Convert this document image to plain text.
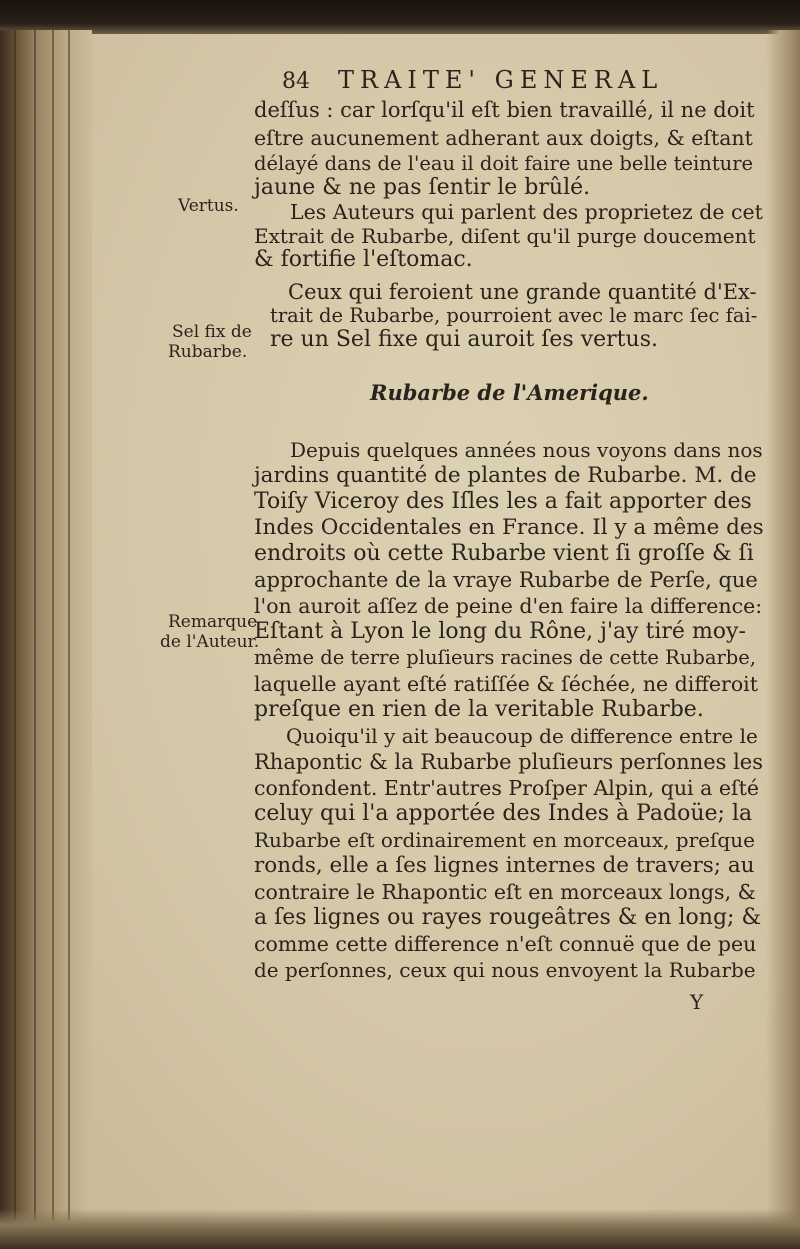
84 TRAITE' GENERAL
Vertus.
Sel fix de
Rubarbe.
Remarque
de l'Auteur.
Rubarbe de l'Amerique.
deſſus : car lorſqu'il eſt bien travaillé, il ne doit
eſtre aucunement adherant aux doigts, & eſtant
délayé dans de l'eau il doit faire une belle teinture
jaune & ne pas ſentir le brûlé.
Les Auteurs qui parlent des proprietez de cet
Extrait de Rubarbe, diſent qu'il purge doucement
& fortifie l'eſtomac.
Ceux qui feroient une grande quantité d'Ex-
trait de Rubarbe, pourroient avec le marc ſec fai-
re un Sel fixe qui auroit ſes vertus.
Depuis quelques années nous voyons dans nos
jardins quantité de plantes de Rubarbe. M. de
Toiſy Viceroy des Iſles les a fait apporter des
Indes Occidentales en France. Il y a même des
endroits où cette Rubarbe vient ſi groſſe & ſi
approchante de la vraye Rubarbe de Perſe, que
l'on auroit aſſez de peine d'en faire la difference:
Eſtant à Lyon le long du Rône, j'ay tiré moy-
même de terre pluſieurs racines de cette Rubarbe,
laquelle ayant eſté ratiſſée & ſéchée, ne differoit
preſque en rien de la veritable Rubarbe.
Quoiqu'il y ait beaucoup de difference entre le
Rhapontic & la Rubarbe pluſieurs perſonnes les
confondent. Entr'autres Proſper Alpin, qui a eſté
celuy qui l'a apportée des Indes à Padoüe; la
Rubarbe eſt ordinairement en morceaux, preſque
ronds, elle a ſes lignes internes de travers; au
contraire le Rhapontic eſt en morceaux longs, &
a ſes lignes ou rayes rougeâtres & en long; &
comme cette difference n'eſt connuë que de peu
de perſonnes, ceux qui nous envoyent la Rubarbe
Y
